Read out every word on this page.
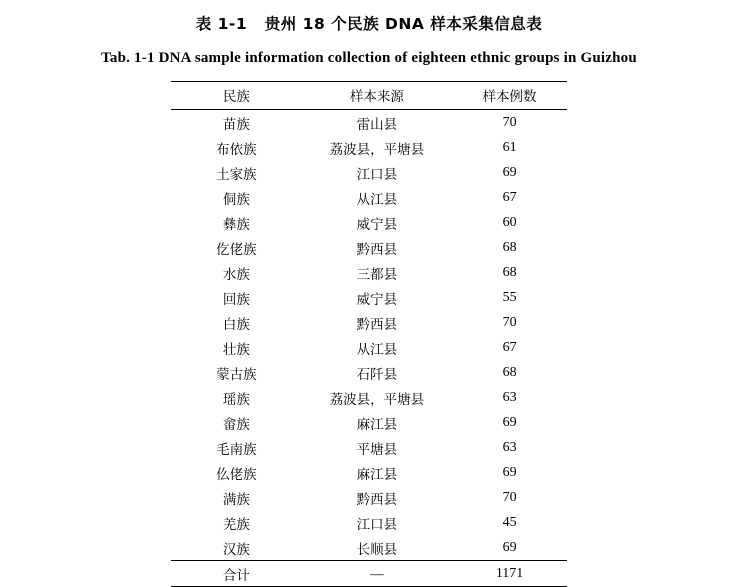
表 1-1   贵州 18 个民族 DNA 样本采集信息表
Tab. 1-1 DNA sample information collection of eighteen ethnic groups in Guizhou
民族	样本来源	样本例数
苗族	雷山县	70
布依族	荔波县，平塘县	61
土家族	江口县	69
侗族	从江县	67
彝族	威宁县	60
仡佬族	黔西县	68
水族	三都县	68
回族	威宁县	55
白族	黔西县	70
壮族	从江县	67
蒙古族	石阡县	68
瑶族	荔波县，平塘县	63
畲族	麻江县	69
毛南族	平塘县	63
仫佬族	麻江县	69
满族	黔西县	70
羌族	江口县	45
汉族	长顺县	69
合计	—	1171
